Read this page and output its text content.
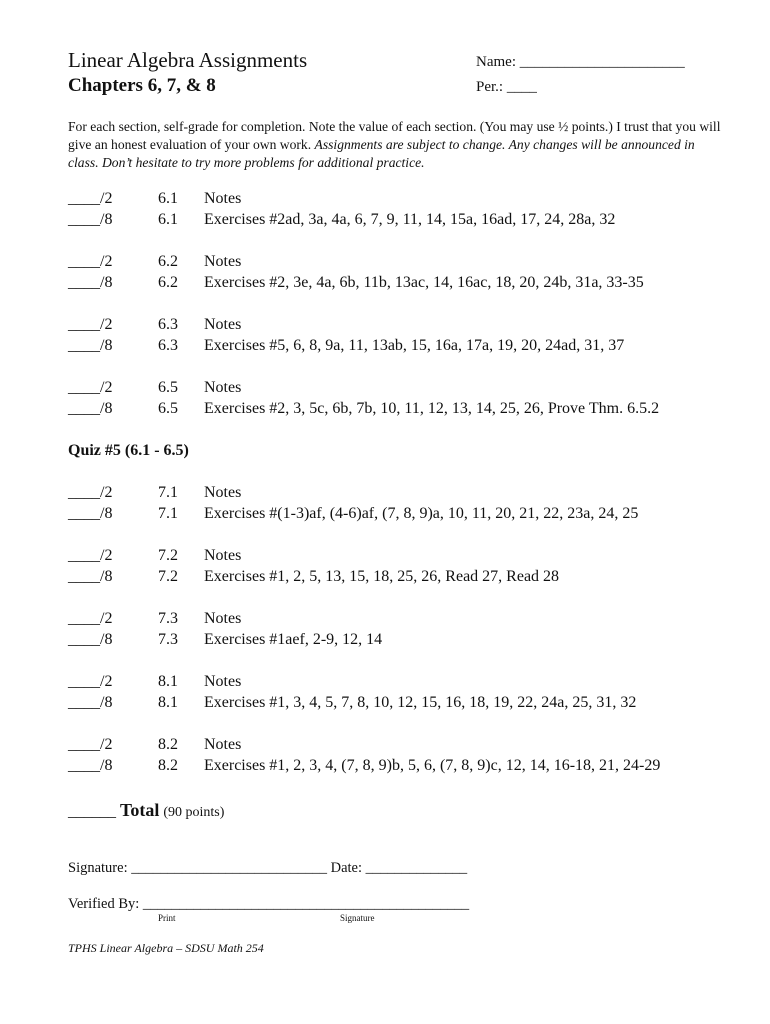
Linear Algebra Assignments
Chapters 6, 7, & 8
Name: ______________________
Per.: ____
For each section, self-grade for completion. Note the value of each section. (You may use ½ points.) I trust that you will give an honest evaluation of your own work. Assignments are subject to change. Any changes will be announced in class. Don’t hesitate to try more problems for additional practice.
____/2	6.1	Notes
____/8	6.1	Exercises #2ad, 3a, 4a, 6, 7, 9, 11, 14, 15a, 16ad, 17, 24, 28a, 32
____/2	6.2	Notes
____/8	6.2	Exercises #2, 3e, 4a, 6b, 11b, 13ac, 14, 16ac, 18, 20, 24b, 31a, 33-35
____/2	6.3	Notes
____/8	6.3	Exercises #5, 6, 8, 9a, 11, 13ab, 15, 16a, 17a, 19, 20, 24ad, 31, 37
____/2	6.5	Notes
____/8	6.5	Exercises #2, 3, 5c, 6b, 7b, 10, 11, 12, 13, 14, 25, 26, Prove Thm. 6.5.2
Quiz #5 (6.1 - 6.5)
____/2	7.1	Notes
____/8	7.1	Exercises #(1-3)af, (4-6)af, (7, 8, 9)a, 10, 11, 20, 21, 22, 23a, 24, 25
____/2	7.2	Notes
____/8	7.2	Exercises #1, 2, 5, 13, 15, 18, 25, 26, Read 27, Read 28
____/2	7.3	Notes
____/8	7.3	Exercises #1aef, 2-9, 12, 14
____/2	8.1	Notes
____/8	8.1	Exercises #1, 3, 4, 5, 7, 8, 10, 12, 15, 16, 18, 19, 22, 24a, 25, 31, 32
____/2	8.2	Notes
____/8	8.2	Exercises #1, 2, 3, 4, (7, 8, 9)b, 5, 6, (7, 8, 9)c, 12, 14, 16-18, 21, 24-29
______ Total (90 points)
Signature: ___________________________ Date: ______________
Verified By: _____________________________________________
Print	Signature
TPHS Linear Algebra – SDSU Math 254
